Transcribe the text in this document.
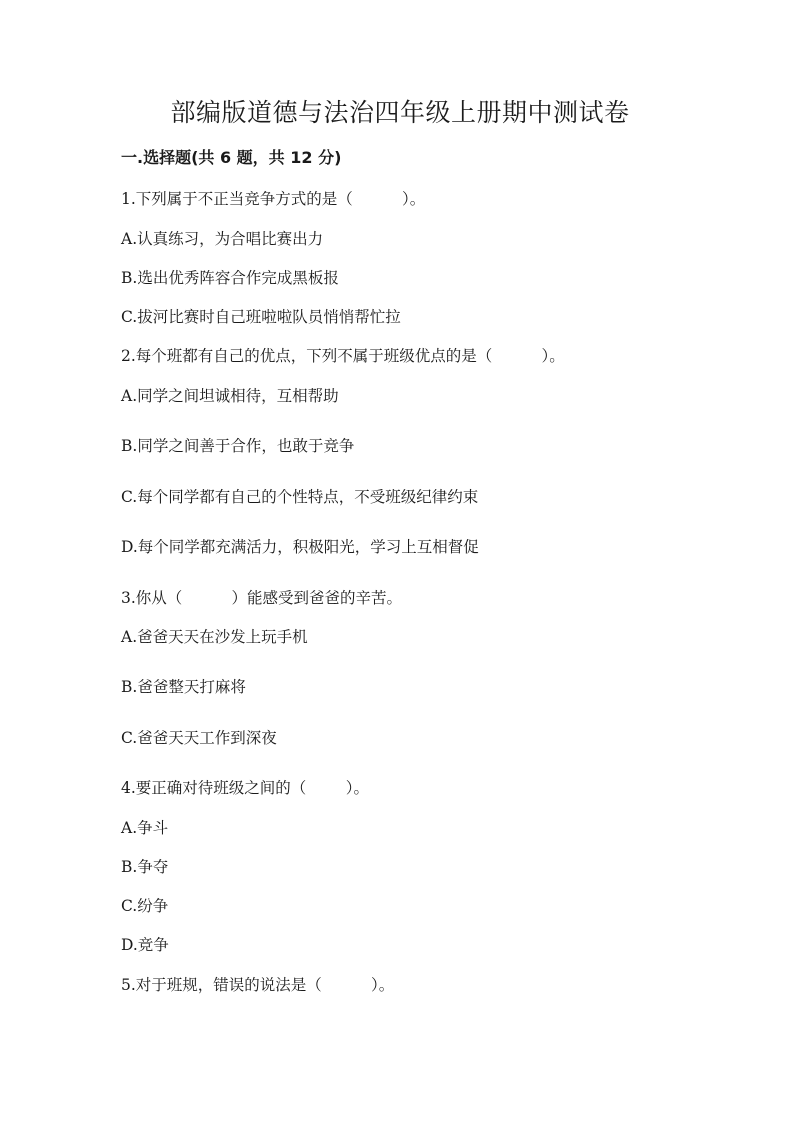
部编版道德与法治四年级上册期中测试卷
一.选择题(共 6 题，共 12 分)
1.下列属于不正当竞争方式的是（          ）。
A.认真练习，为合唱比赛出力
B.选出优秀阵容合作完成黑板报
C.拔河比赛时自己班啦啦队员悄悄帮忙拉
2.每个班都有自己的优点，下列不属于班级优点的是（          ）。
A.同学之间坦诚相待，互相帮助
B.同学之间善于合作，也敢于竞争
C.每个同学都有自己的个性特点，不受班级纪律约束
D.每个同学都充满活力，积极阳光，学习上互相督促
3.你从（          ）能感受到爸爸的辛苦。
A.爸爸天天在沙发上玩手机
B.爸爸整天打麻将
C.爸爸天天工作到深夜
4.要正确对待班级之间的（        ）。
A.争斗
B.争夺
C.纷争
D.竞争
5.对于班规，错误的说法是（          ）。
